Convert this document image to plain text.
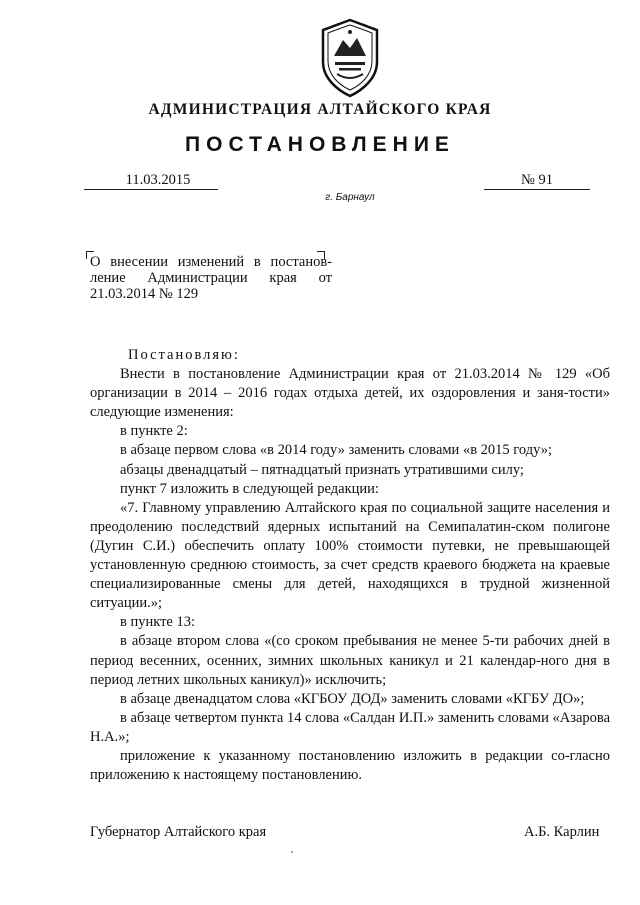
АДМИНИСТРАЦИЯ АЛТАЙСКОГО КРАЯ
ПОСТАНОВЛЕНИЕ
11.03.2015	№ 91
г. Барнаул
О внесении изменений в постанов-ление Администрации края от 21.03.2014 № 129

Постановляю:

Внести в постановление Администрации края от 21.03.2014 № 129 «Об организации в 2014 – 2016 годах отдыха детей, их оздоровления и заня-тости» следующие изменения:

в пункте 2:

в абзаце первом слова «в 2014 году» заменить словами «в 2015 году»;

абзацы двенадцатый – пятнадцатый признать утратившими силу;

пункт 7 изложить в следующей редакции:

«7. Главному управлению Алтайского края по социальной защите населения и преодолению последствий ядерных испытаний на Семипалатин-ском полигоне (Дугин С.И.) обеспечить оплату 100% стоимости путевки, не превышающей установленную среднюю стоимость, за счет средств краевого бюджета на краевые специализированные смены для детей, находящихся в трудной жизненной ситуации.»;

в пункте 13:

в абзаце втором слова «(со сроком пребывания не менее 5-ти рабочих дней в период весенних, осенних, зимних школьных каникул и 21 календар-ного дня в период летних школьных каникул)» исключить;

в абзаце двенадцатом слова «КГБОУ ДОД» заменить словами «КГБУ ДО»;

в абзаце четвертом пункта 14 слова «Салдан И.П.» заменить словами «Азарова Н.А.»;

приложение к указанному постановлению изложить в редакции со-гласно приложению к настоящему постановлению.

Губернатор Алтайского края	А.Б. Карлин
